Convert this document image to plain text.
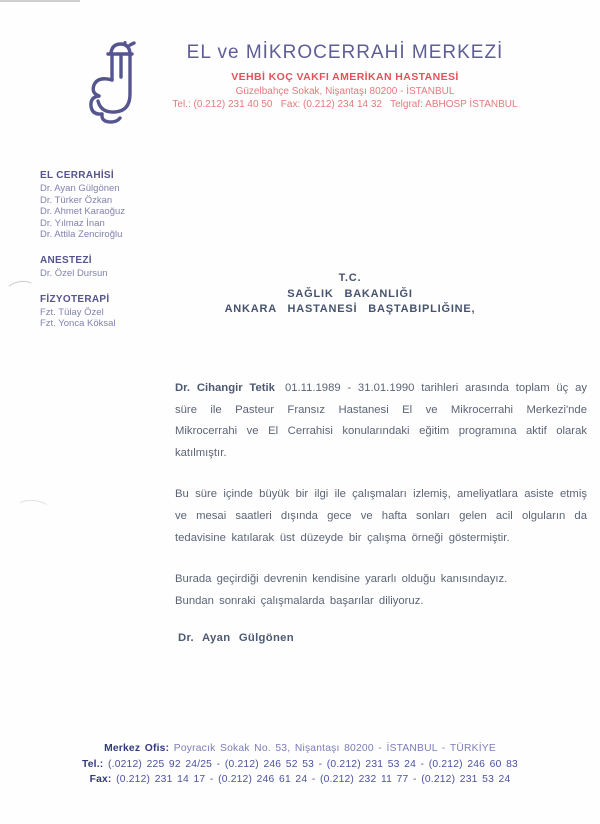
EL ve MİKROCERRAHİ MERKEZİ
VEHBİ KOÇ VAKFI AMERİKAN HASTANESİ
Güzelbahçe Sokak, Nişantaşı 80200 - İSTANBUL
Tel.: (0.212) 231 40 50   Fax: (0.212) 234 14 32   Telgraf: ABHOSP İSTANBUL
EL CERRAHİSİ
Dr. Ayan Gülgönen
Dr. Türker Özkan
Dr. Ahmet Karaoğuz
Dr. Yılmaz İnan
Dr. Attila Zenciroğlu
ANESTEZİ
Dr. Özel Dursun
FİZYOTERAPİ
Fzt. Tülay Özel
Fzt. Yonca Köksal
T.C.
SAĞLIK BAKANLIĞI
ANKARA HASTANESİ BAŞTABIPLIĞINE,

Dr. Cihangir Tetik 01.11.1989 - 31.01.1990 tarihleri arasında toplam üç ay süre ile Pasteur Fransız Hastanesi El ve Mikrocerrahi Merkezi'nde Mikrocerrahi ve El Cerrahisi konularındaki eğitim programına aktif olarak katılmıştır.

Bu süre içinde büyük bir ilgi ile çalışmaları izlemiş, ameliyatlara asiste etmiş ve mesai saatleri dışında gece ve hafta sonları gelen acil olguların da tedavisine katılarak üst düzeyde bir çalışma örneği göstermiştir.

Burada geçirdiği devrenin kendisine yararlı olduğu kanısındayız.

Bundan sonraki çalışmalarda başarılar diliyoruz.

Dr. Ayan Gülgönen
Merkez Ofis: Poyracık Sokak No. 53, Nişantaşı 80200 - İSTANBUL - TÜRKİYE
Tel.: (.0212) 225 92 24/25 - (0.212) 246 52 53 - (0.212) 231 53 24 - (0.212) 246 60 83
Fax: (0.212) 231 14 17 - (0.212) 246 61 24 - (0.212) 232 11 77 - (0.212) 231 53 24
